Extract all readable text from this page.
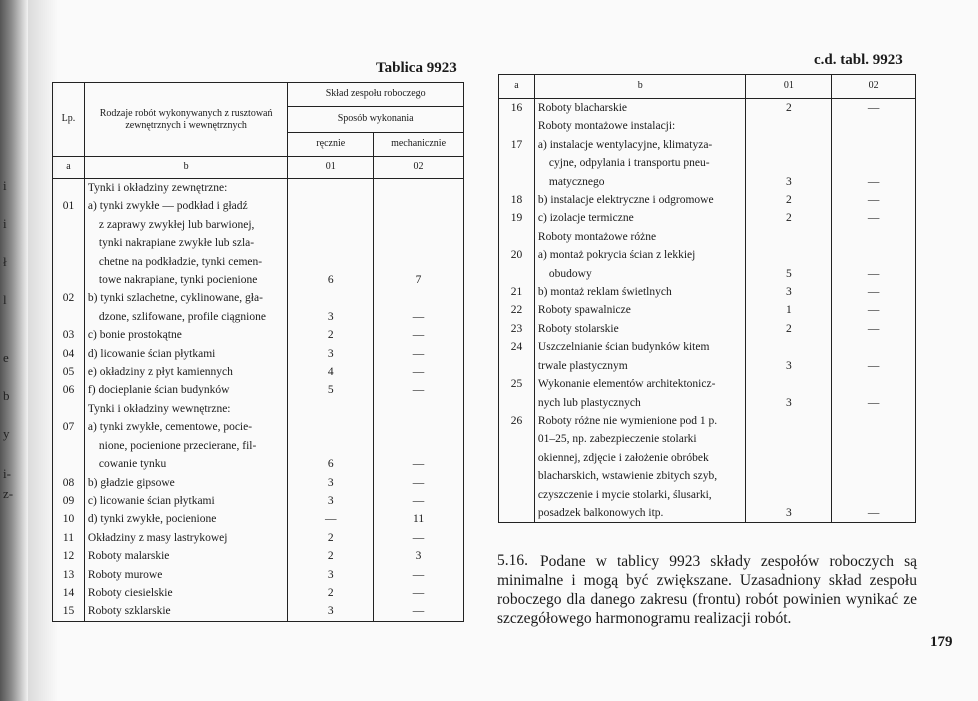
i
i
ł
l
e
b
y
i-
z-
Tablica 9923	c.d. tabl. 9923
Lp.	Rodzaje robót wykonywanych z rusztowań zewnętrznych i wewnętrznych	Skład zespołu roboczego	
		Sposób wykonania	
		ręcznie	mechanicznie
a	b	01	02
	Tynki i okładziny zewnętrzne:		
01	a) tynki zwykłe — podkład i gładź		
	z zaprawy zwykłej lub barwionej,		
	tynki nakrapiane zwykłe lub szla-		
	chetne na podkładzie, tynki cemen-		
	towe nakrapiane, tynki pocienione	6	7
02	b) tynki szlachetne, cyklinowane, gła-		
	dzone, szlifowane, profile ciągnione	3	—
03	c) bonie prostokątne	2	—
04	d) licowanie ścian płytkami	3	—
05	e) okładziny z płyt kamiennych	4	—
06	f) docieplanie ścian budynków	5	—
	Tynki i okładziny wewnętrzne:		
07	a) tynki zwykłe, cementowe, pocie-		
	nione, pocienione przecierane, fil-		
	cowanie tynku	6	—
08	b) gładzie gipsowe	3	—
09	c) licowanie ścian płytkami	3	—
10	d) tynki zwykłe, pocienione	—	11
11	Okładziny z masy lastrykowej	2	—
12	Roboty malarskie	2	3
13	Roboty murowe	3	—
14	Roboty ciesielskie	2	—
15	Roboty szklarskie	3	—
a	b	01	02
16	Roboty blacharskie	2	—
	Roboty montażowe instalacji:		
17	a) instalacje wentylacyjne, klimatyza-		
	cyjne, odpylania i transportu pneu-		
	matycznego	3	—
18	b) instalacje elektryczne i odgromowe	2	—
19	c) izolacje termiczne	2	—
	Roboty montażowe różne		
20	a) montaż pokrycia ścian z lekkiej		
	obudowy	5	—
21	b) montaż reklam świetlnych	3	—
22	Roboty spawalnicze	1	—
23	Roboty stolarskie	2	—
24	Uszczelnianie ścian budynków kitem		
	trwale plastycznym	3	—
25	Wykonanie elementów architektonicz-		
	nych lub plastycznych	3	—
26	Roboty różne nie wymienione pod 1 p.		
	01–25, np. zabezpieczenie stolarki		
	okiennej, zdjęcie i założenie obróbek		
	blacharskich, wstawienie zbitych szyb,		
	czyszczenie i mycie stolarki, ślusarki,		
	posadzek balkonowych itp.	3	—
5.16. Podane w tablicy 9923 składy zespołów roboczych są minimalne i mogą być zwiększane. Uzasadniony skład zespołu roboczego dla danego zakresu (frontu) robót powinien wynikać ze szczegółowego harmonogramu realizacji robót.
179
